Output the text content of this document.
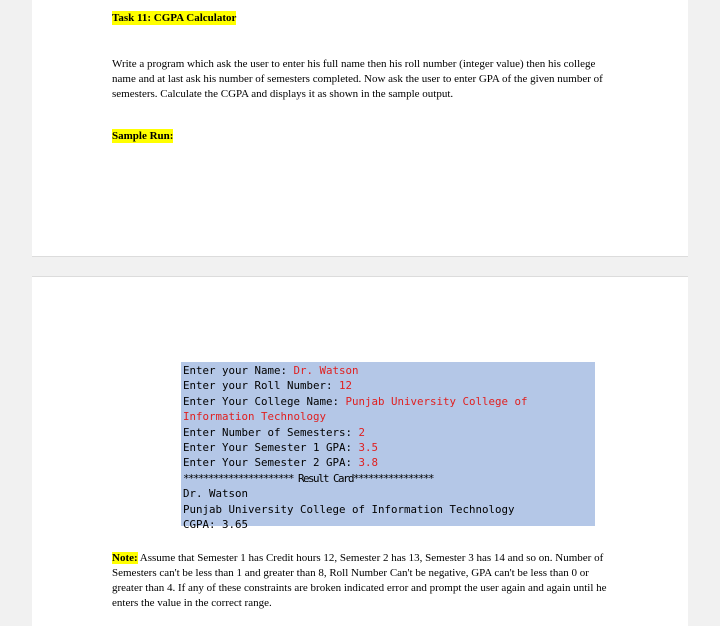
Task 11: CGPA Calculator

Write a program which ask the user to enter his full name then his roll number (integer value) then his college name and at last ask his number of semesters completed. Now ask the user to enter GPA of the given number of semesters. Calculate the CGPA and displays it as shown in the sample output.

Sample Run:
Enter your Name: Dr. Watson
Enter your Roll Number: 12
Enter Your College Name: Punjab University College of
Information Technology
Enter Number of Semesters: 2
Enter Your Semester 1 GPA: 3.5
Enter Your Semester 2 GPA: 3.8
********************** Result Card****************
Dr. Watson
Punjab University College of Information Technology
CGPA: 3.65

Note: Assume that Semester 1 has Credit hours 12, Semester 2 has 13, Semester 3 has 14 and so on. Number of Semesters can't be less than 1 and greater than 8, Roll Number Can't be negative, GPA can't be less than 0 or greater than 4. If any of these constraints are broken indicated error and prompt the user again and again until he enters the value in the correct range.
